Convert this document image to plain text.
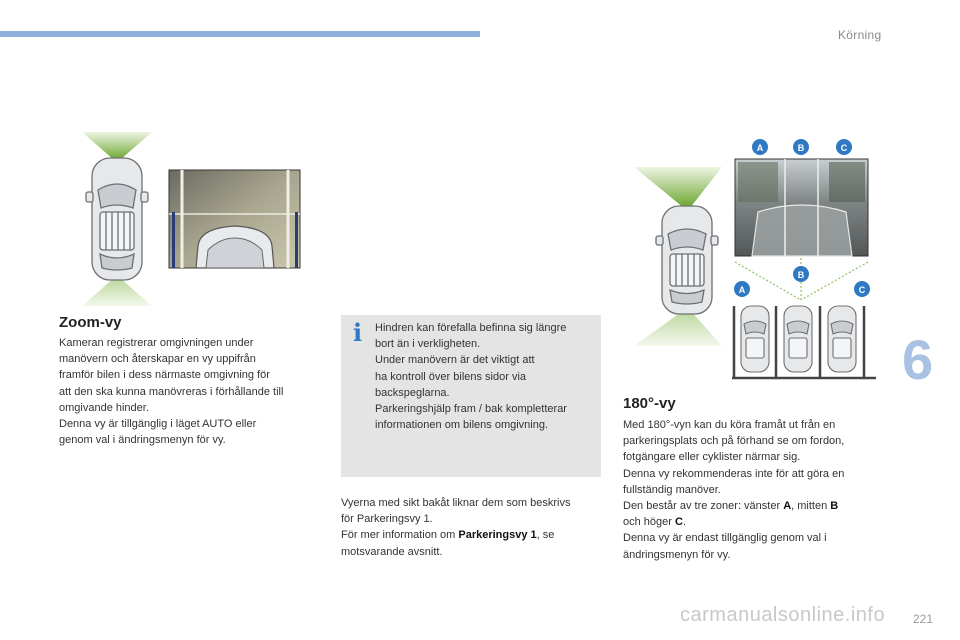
Körning
6
Zoom-vy

Kameran registrerar omgivningen under

manövern och återskapar en vy uppifrån

framför bilen i dess närmaste omgivning för

att den ska kunna manövreras i förhållande till

omgivande hinder.

Denna vy är tillgänglig i läget AUTO eller

genom val i ändringsmenyn för vy.

i Hindren kan förefalla befinna sig längre

bort än i verkligheten.

Under manövern är det viktigt att

ha kontroll över bilens sidor via

backspeglarna.

Parkeringshjälp fram / bak kompletterar

informationen om bilens omgivning.

Vyerna med sikt bakåt liknar dem som beskrivs

för Parkeringsvy 1.

För mer information om Parkeringsvy 1, se

motsvarande avsnitt.

A	B	C
A
B
C
180°-vy

Med 180°-vyn kan du köra framåt ut från en

parkeringsplats och på förhand se om fordon,

fotgängare eller cyklister närmar sig.

Denna vy rekommenderas inte för att göra en

fullständig manöver.

Den består av tre zoner: vänster A, mitten B

och höger C.

Denna vy är endast tillgänglig genom val i

ändringsmenyn för vy.

carmanualsonline.info 221
